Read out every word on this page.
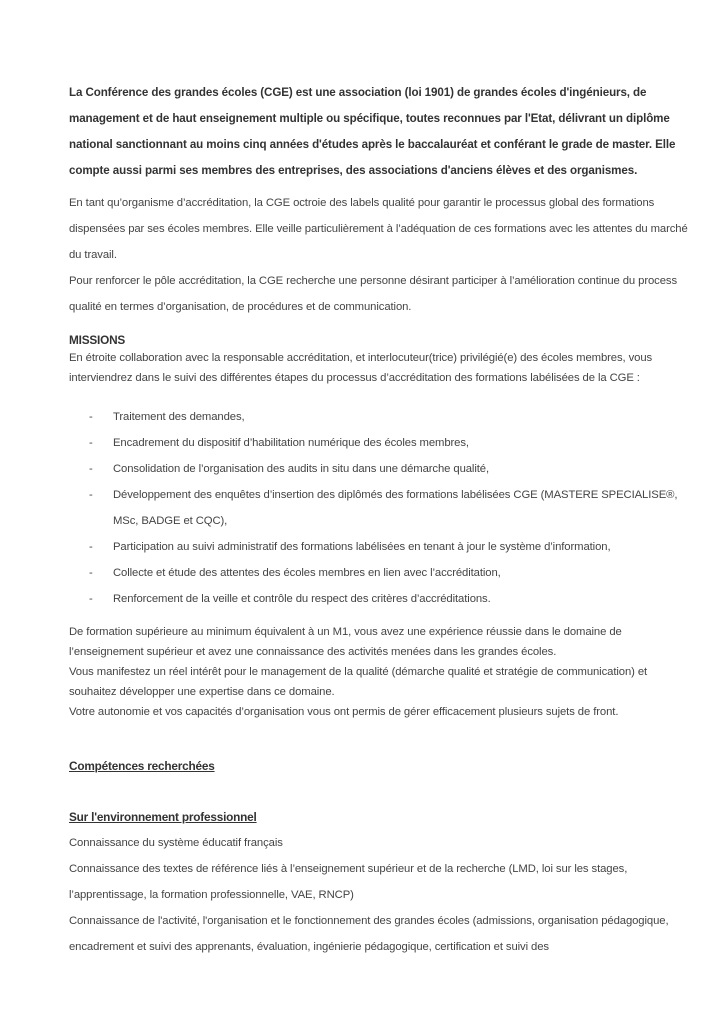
La Conférence des grandes écoles (CGE) est une association (loi 1901) de grandes écoles d'ingénieurs, de management et de haut enseignement multiple ou spécifique, toutes reconnues par l'Etat, délivrant un diplôme national sanctionnant au moins cinq années d'études après le baccalauréat et conférant le grade de master. Elle compte aussi parmi ses membres des entreprises, des associations d'anciens élèves et des organismes.

En tant qu’organisme d’accréditation, la CGE octroie des labels qualité pour garantir le processus global des formations dispensées par ses écoles membres. Elle veille particulièrement à l’adéquation de ces formations avec les attentes du marché du travail.

Pour renforcer le pôle accréditation, la CGE recherche une personne désirant participer à l’amélioration continue du process qualité en termes d’organisation, de procédures et de communication.

MISSIONS

En étroite collaboration avec la responsable accréditation, et interlocuteur(trice) privilégié(e) des écoles membres, vous interviendrez dans le suivi des différentes étapes du processus d’accréditation des formations labélisées de la CGE :

- Traitement des demandes,
- Encadrement du dispositif d’habilitation numérique des écoles membres,
- Consolidation de l’organisation des audits in situ dans une démarche qualité,
- Développement des enquêtes d’insertion des diplômés des formations labélisées CGE (MASTERE SPECIALISE®, MSc, BADGE et CQC),
- Participation au suivi administratif des formations labélisées en tenant à jour le système d’information,
- Collecte et étude des attentes des écoles membres en lien avec l’accréditation,
- Renforcement de la veille et contrôle du respect des critères d’accréditations.

De formation supérieure au minimum équivalent à un M1, vous avez une expérience réussie dans le domaine de l’enseignement supérieur et avez une connaissance des activités menées dans les grandes écoles.

Vous manifestez un réel intérêt pour le management de la qualité (démarche qualité et stratégie de communication) et souhaitez développer une expertise dans ce domaine.

Votre autonomie et vos capacités d’organisation vous ont permis de gérer efficacement plusieurs sujets de front.

Compétences recherchées

Sur l'environnement professionnel

Connaissance du système éducatif français

Connaissance des textes de référence liés à l’enseignement supérieur et de la recherche (LMD, loi sur les stages, l’apprentissage, la formation professionnelle, VAE, RNCP)

Connaissance de l'activité, l'organisation et le fonctionnement des grandes écoles (admissions, organisation pédagogique, encadrement et suivi des apprenants, évaluation, ingénierie pédagogique, certification et suivi des
